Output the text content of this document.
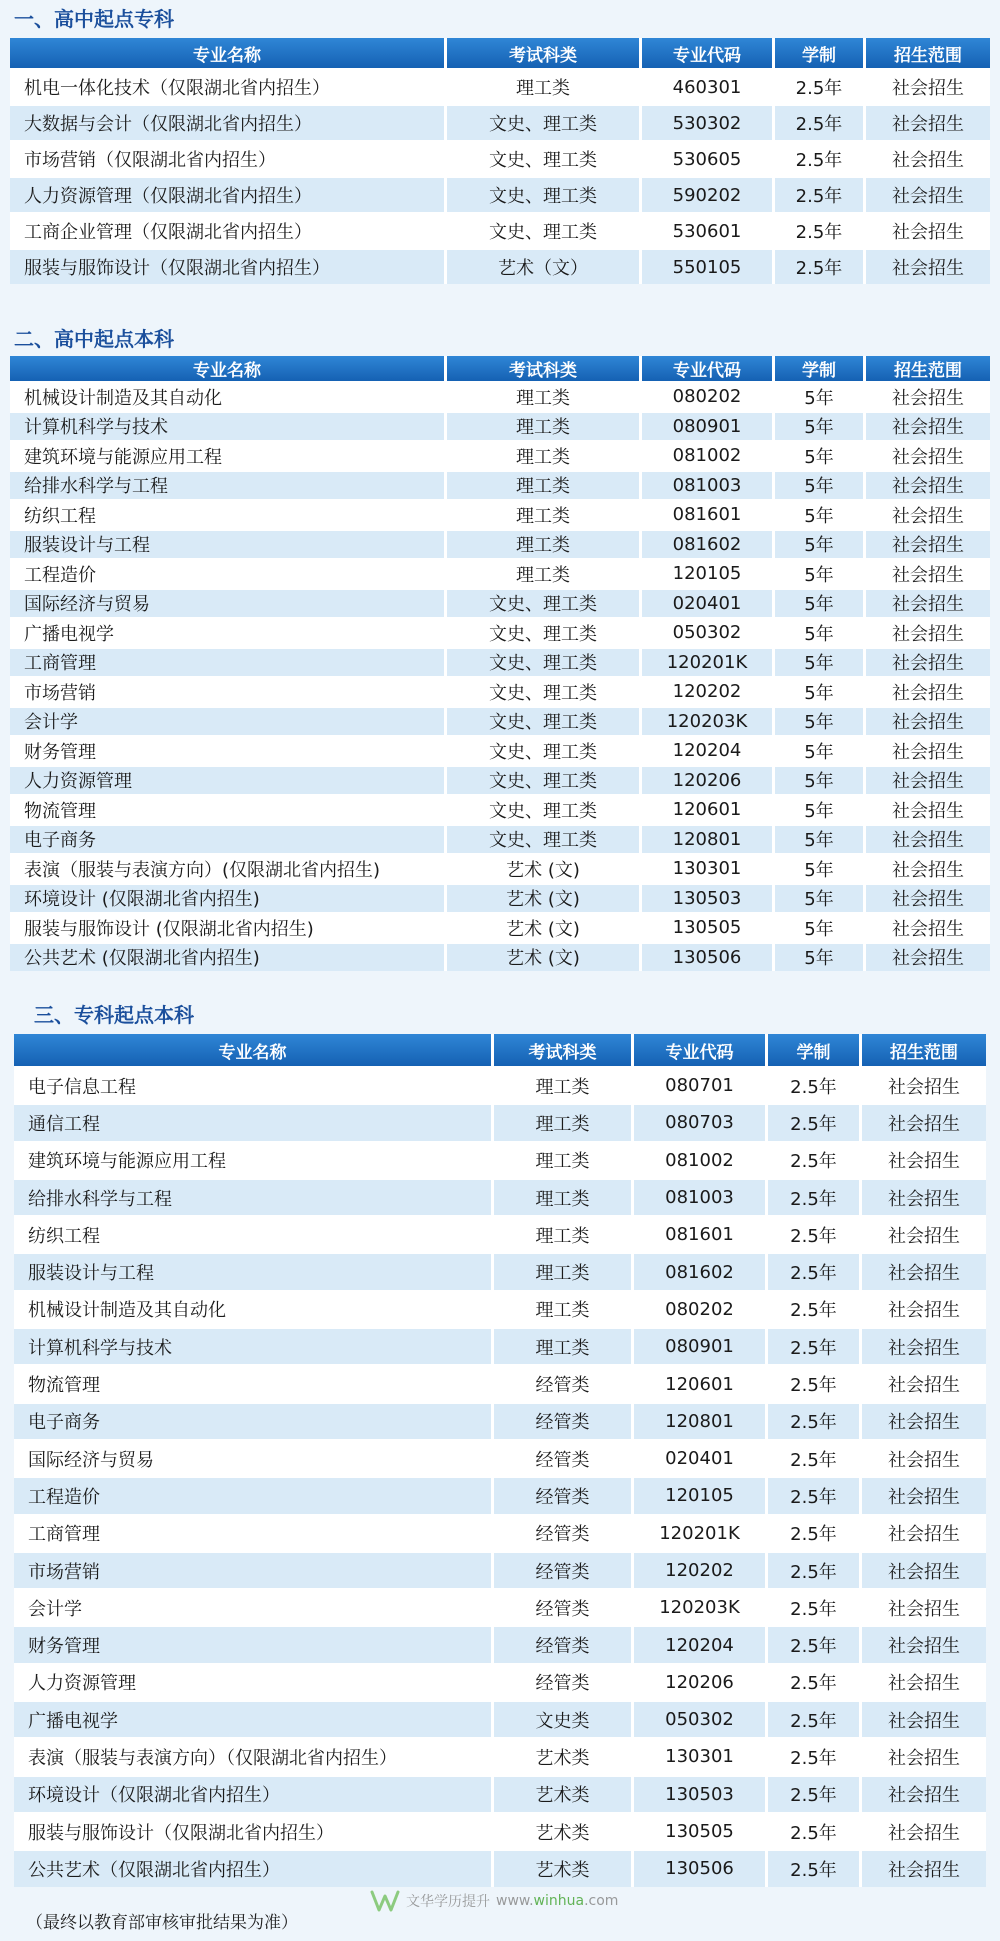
一、高中起点专科
专业名称	考试科类	专业代码	学制	招生范围
机电一体化技术（仅限湖北省内招生）	理工类	460301	2.5年	社会招生
大数据与会计（仅限湖北省内招生）	文史、理工类	530302	2.5年	社会招生
市场营销（仅限湖北省内招生）	文史、理工类	530605	2.5年	社会招生
人力资源管理（仅限湖北省内招生）	文史、理工类	590202	2.5年	社会招生
工商企业管理（仅限湖北省内招生）	文史、理工类	530601	2.5年	社会招生
服装与服饰设计（仅限湖北省内招生）	艺术（文）	550105	2.5年	社会招生
二、高中起点本科
专业名称	考试科类	专业代码	学制	招生范围
机械设计制造及其自动化	理工类	080202	5年	社会招生
计算机科学与技术	理工类	080901	5年	社会招生
建筑环境与能源应用工程	理工类	081002	5年	社会招生
给排水科学与工程	理工类	081003	5年	社会招生
纺织工程	理工类	081601	5年	社会招生
服装设计与工程	理工类	081602	5年	社会招生
工程造价	理工类	120105	5年	社会招生
国际经济与贸易	文史、理工类	020401	5年	社会招生
广播电视学	文史、理工类	050302	5年	社会招生
工商管理	文史、理工类	120201K	5年	社会招生
市场营销	文史、理工类	120202	5年	社会招生
会计学	文史、理工类	120203K	5年	社会招生
财务管理	文史、理工类	120204	5年	社会招生
人力资源管理	文史、理工类	120206	5年	社会招生
物流管理	文史、理工类	120601	5年	社会招生
电子商务	文史、理工类	120801	5年	社会招生
表演（服装与表演方向）(仅限湖北省内招生)	艺术 (文)	130301	5年	社会招生
环境设计 (仅限湖北省内招生)	艺术 (文)	130503	5年	社会招生
服装与服饰设计 (仅限湖北省内招生)	艺术 (文)	130505	5年	社会招生
公共艺术 (仅限湖北省内招生)	艺术 (文)	130506	5年	社会招生
三、专科起点本科
专业名称	考试科类	专业代码	学制	招生范围
电子信息工程	理工类	080701	2.5年	社会招生
通信工程	理工类	080703	2.5年	社会招生
建筑环境与能源应用工程	理工类	081002	2.5年	社会招生
给排水科学与工程	理工类	081003	2.5年	社会招生
纺织工程	理工类	081601	2.5年	社会招生
服装设计与工程	理工类	081602	2.5年	社会招生
机械设计制造及其自动化	理工类	080202	2.5年	社会招生
计算机科学与技术	理工类	080901	2.5年	社会招生
物流管理	经管类	120601	2.5年	社会招生
电子商务	经管类	120801	2.5年	社会招生
国际经济与贸易	经管类	020401	2.5年	社会招生
工程造价	经管类	120105	2.5年	社会招生
工商管理	经管类	120201K	2.5年	社会招生
市场营销	经管类	120202	2.5年	社会招生
会计学	经管类	120203K	2.5年	社会招生
财务管理	经管类	120204	2.5年	社会招生
人力资源管理	经管类	120206	2.5年	社会招生
广播电视学	文史类	050302	2.5年	社会招生
表演（服装与表演方向）（仅限湖北省内招生）	艺术类	130301	2.5年	社会招生
环境设计（仅限湖北省内招生）	艺术类	130503	2.5年	社会招生
服装与服饰设计（仅限湖北省内招生）	艺术类	130505	2.5年	社会招生
公共艺术（仅限湖北省内招生）	艺术类	130506	2.5年	社会招生
文华学历提升 www.winhua.com
（最终以教育部审核审批结果为准）
